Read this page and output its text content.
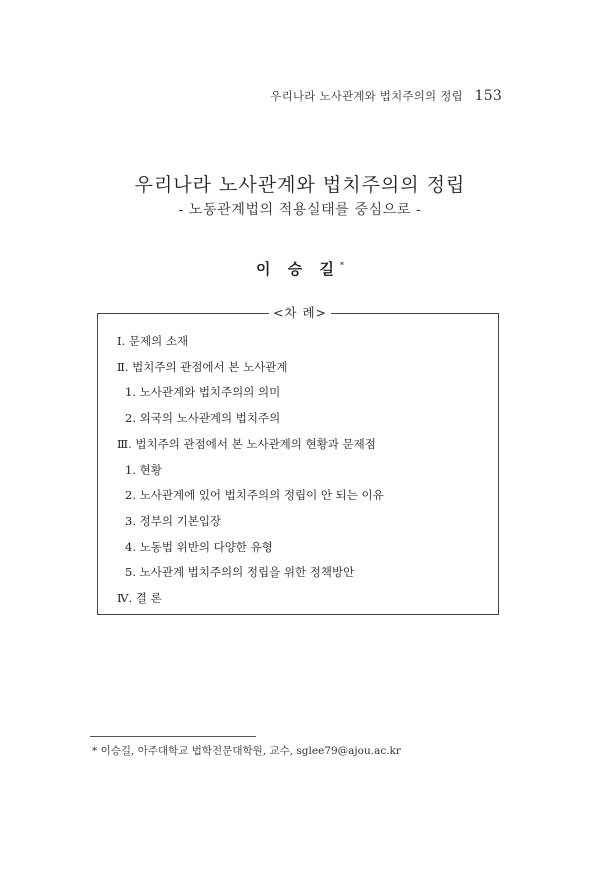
우리나라 노사관계와 법치주의의 정립 153
우리나라 노사관계와 법치주의의 정립
- 노동관계법의 적용실태를 중심으로 -
이 승 길*
<차 례>
Ⅰ. 문제의 소재
Ⅱ. 법치주의 관점에서 본 노사관계
1. 노사관계와 법치주의의 의미
2. 외국의 노사관계의 법치주의
Ⅲ. 법치주의 관점에서 본 노사관계의 현황과 문제점
1. 현황
2. 노사관계에 있어 법치주의의 정립이 안 되는 이유
3. 정부의 기본입장
4. 노동법 위반의 다양한 유형
5. 노사관계 법치주의의 정립을 위한 정책방안
Ⅳ. 결 론
* 이승길, 아주대학교 법학전문대학원, 교수, sglee79@ajou.ac.kr
